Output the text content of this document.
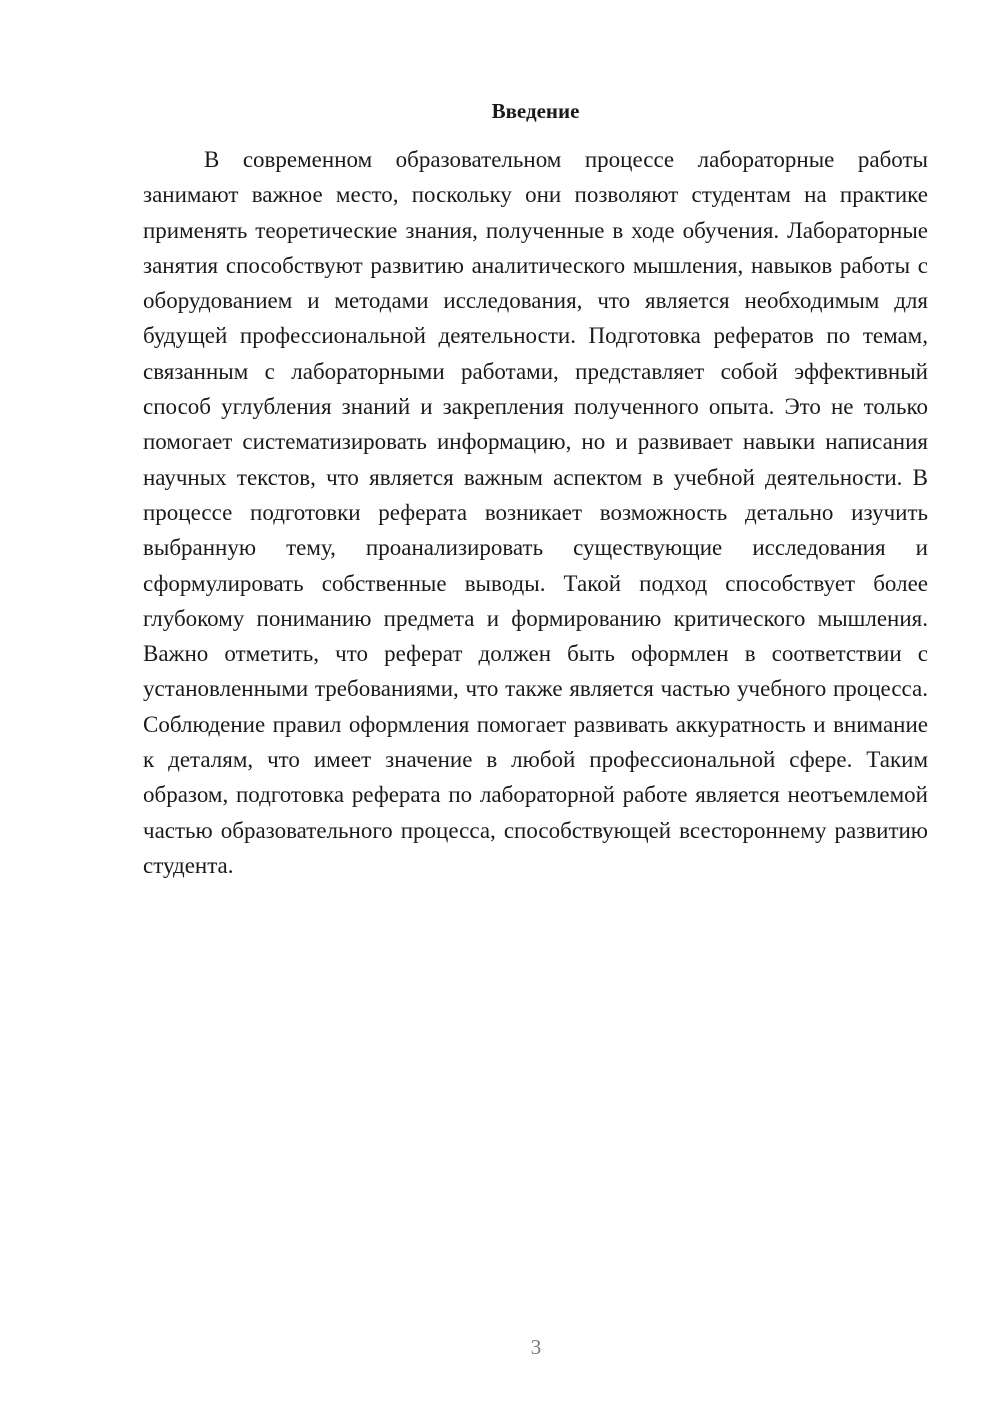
Введение

В современном образовательном процессе лабораторные работы занимают важное место, поскольку они позволяют студентам на практике применять теоретические знания, полученные в ходе обучения. Лабораторные занятия способствуют развитию аналитического мышления, навыков работы с оборудованием и методами исследования, что является необходимым для будущей профессиональной деятельности. Подготовка рефератов по темам, связанным с лабораторными работами, представляет собой эффективный способ углубления знаний и закрепления полученного опыта. Это не только помогает систематизировать информацию, но и развивает навыки написания научных текстов, что является важным аспектом в учебной деятельности. В процессе подготовки реферата возникает возможность детально изучить выбранную тему, проанализировать существующие исследования и сформулировать собственные выводы. Такой подход способствует более глубокому пониманию предмета и формированию критического мышления. Важно отметить, что реферат должен быть оформлен в соответствии с установленными требованиями, что также является частью учебного процесса. Соблюдение правил оформления помогает развивать аккуратность и внимание к деталям, что имеет значение в любой профессиональной сфере. Таким образом, подготовка реферата по лабораторной работе является неотъемлемой частью образовательного процесса, способствующей всестороннему развитию студента.

3
